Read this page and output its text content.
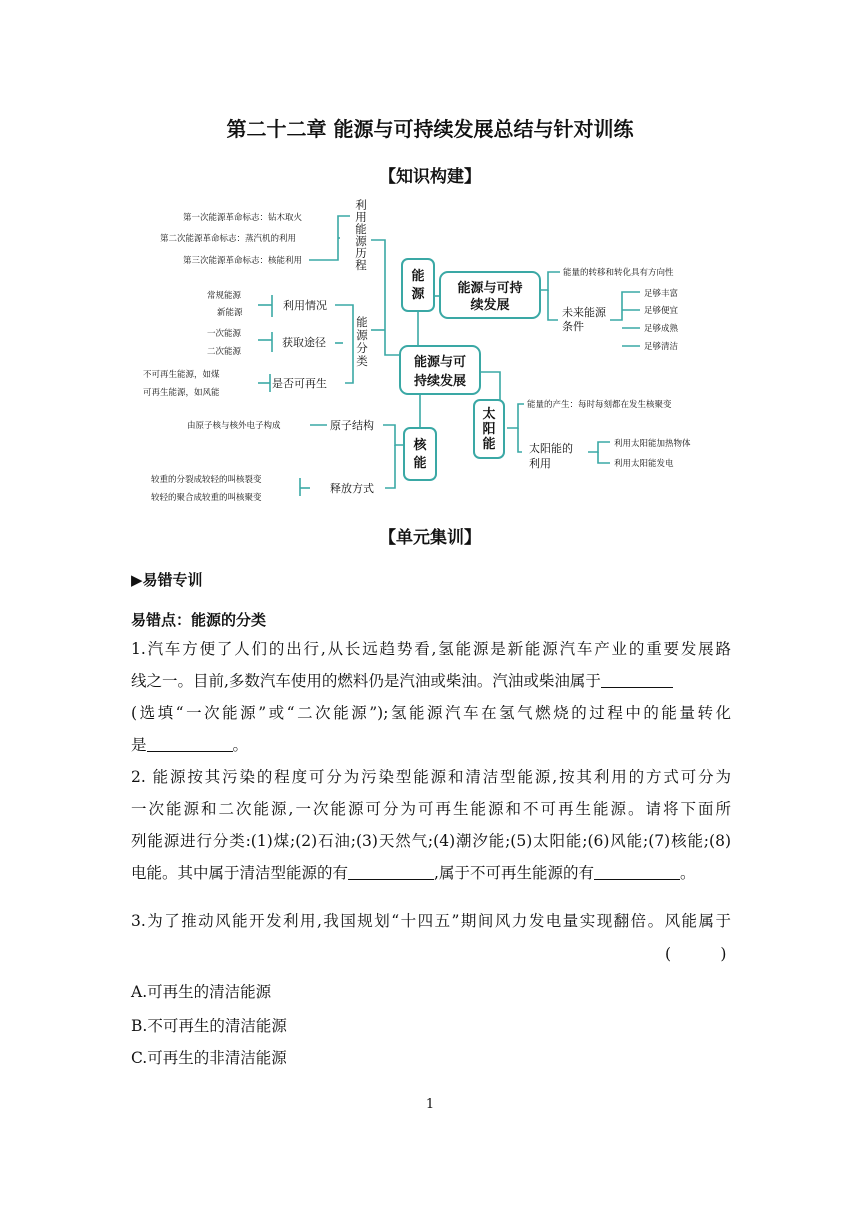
第二十二章 能源与可持续发展总结与针对训练
【知识构建】
能源与可
持续发展
能
源	能源与可持
续发展
核
能
太
阳
能
利
用
能
源
历
程
能
源
分
类
第一次能源革命标志：钻木取火
第二次能源革命标志：蒸汽机的利用
第三次能源革命标志：核能利用
常规能源
新能源
一次能源
二次能源
不可再生能源，如煤
可再生能源，如风能
能量的转移和转化具有方向性
足够丰富
足够便宜
足够成熟
足够清洁
由原子核与核外电子构成
较重的分裂成较轻的叫核裂变
较轻的聚合成较重的叫核聚变
能量的产生：每时每刻都在发生核聚变
利用太阳能加热物体
利用太阳能发电
利用情况
获取途径
是否可再生
未来能源
条件
原子结构
释放方式
太阳能的
利用
【单元集训】
▶易错专训
易错点：能源的分类
1.汽车方便了人们的出行,从长远趋势看,氢能源是新能源汽车产业的重要发展路
线之一。目前,多数汽车使用的燃料仍是汽油或柴油。汽油或柴油属于
(选填“一次能源”或“二次能源”);氢能源汽车在氢气燃烧的过程中的能量转化
是	。
2. 能源按其污染的程度可分为污染型能源和清洁型能源,按其利用的方式可分为
一次能源和二次能源,一次能源可分为可再生能源和不可再生能源。请将下面所
列能源进行分类:(1)煤;(2)石油;(3)天然气;(4)潮汐能;(5)太阳能;(6)风能;(7)核能;(8)
电能。其中属于清洁型能源的有	,属于不可再生能源的有	。
3.为了推动风能开发利用,我国规划“十四五”期间风力发电量实现翻倍。风能属于
(          )
A.可再生的清洁能源
B.不可再生的清洁能源
C.可再生的非清洁能源
1
